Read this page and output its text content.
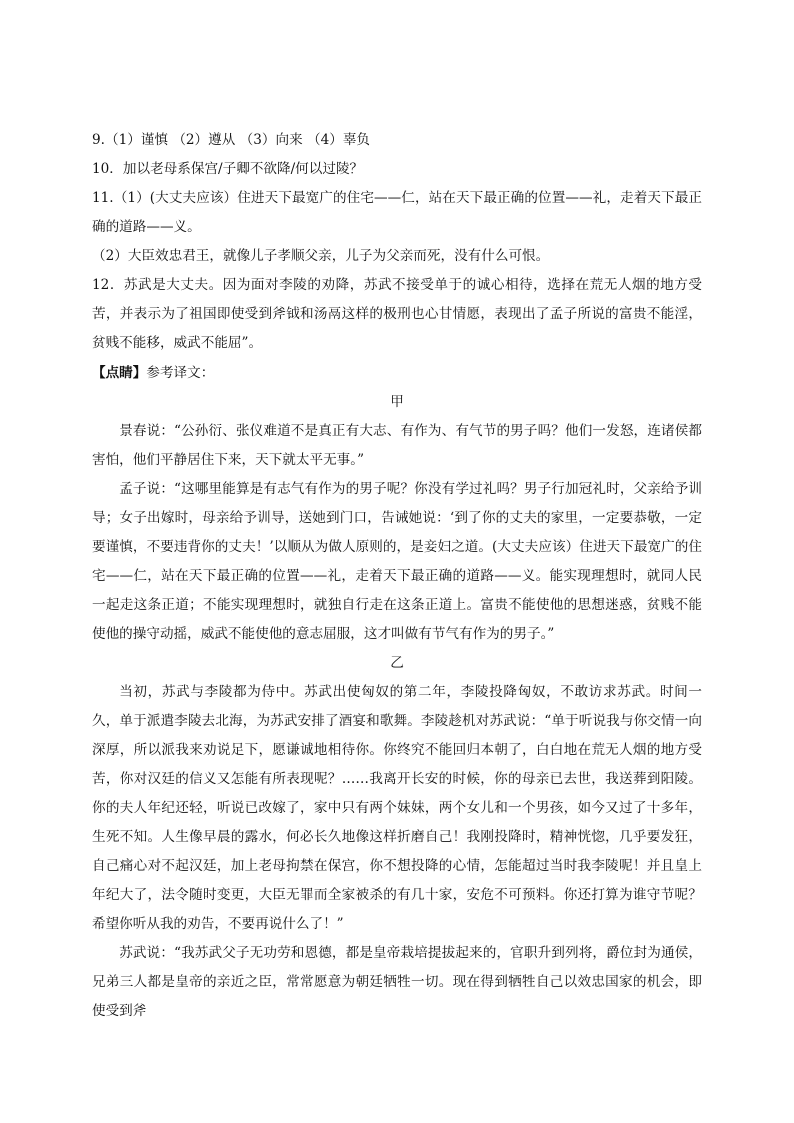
9.（1）谨慎 （2）遵从 （3）向来 （4）辜负

10．加以老母系保宫/子卿不欲降/何以过陵？

11.（1）(大丈夫应该）住进天下最宽广的住宅——仁，站在天下最正确的位置——礼，走着天下最正确的道路——义。

（2）大臣效忠君王，就像儿子孝顺父亲，儿子为父亲而死，没有什么可恨。

12．苏武是大丈夫。因为面对李陵的劝降，苏武不接受单于的诚心相待，选择在荒无人烟的地方受苦，并表示为了祖国即使受到斧钺和汤鬲这样的极刑也心甘情愿，表现出了孟子所说的富贵不能淫，贫贱不能移，威武不能屈”。

【点睛】参考译文：

甲

景春说：“公孙衍、张仪难道不是真正有大志、有作为、有气节的男子吗？他们一发怒，连诸侯都害怕，他们平静居住下来，天下就太平无事。”

孟子说：“这哪里能算是有志气有作为的男子呢？你没有学过礼吗？男子行加冠礼时，父亲给予训导；女子出嫁时，母亲给予训导，送她到门口，告诫她说：‘到了你的丈夫的家里，一定要恭敬，一定要谨慎，不要违背你的丈夫！’以顺从为做人原则的，是妾妇之道。(大丈夫应该）住进天下最宽广的住宅——仁，站在天下最正确的位置——礼，走着天下最正确的道路——义。能实现理想时，就同人民一起走这条正道；不能实现理想时，就独自行走在这条正道上。富贵不能使他的思想迷惑，贫贱不能使他的操守动摇，威武不能使他的意志屈服，这才叫做有节气有作为的男子。”

乙

当初，苏武与李陵都为侍中。苏武出使匈奴的第二年，李陵投降匈奴，不敢访求苏武。时间一久，单于派遣李陵去北海，为苏武安排了酒宴和歌舞。李陵趁机对苏武说：“单于听说我与你交情一向深厚，所以派我来劝说足下，愿谦诚地相待你。你终究不能回归本朝了，白白地在荒无人烟的地方受苦，你对汉廷的信义又怎能有所表现呢？……我离开长安的时候，你的母亲已去世，我送葬到阳陵。你的夫人年纪还轻，听说已改嫁了，家中只有两个妹妹，两个女儿和一个男孩，如今又过了十多年，生死不知。人生像早晨的露水，何必长久地像这样折磨自己！我刚投降时，精神恍惚，几乎要发狂，自己痛心对不起汉廷，加上老母拘禁在保宫，你不想投降的心情，怎能超过当时我李陵呢！并且皇上年纪大了，法令随时变更，大臣无罪而全家被杀的有几十家，安危不可预料。你还打算为谁守节呢？希望你听从我的劝告，不要再说什么了！”

苏武说：“我苏武父子无功劳和恩德，都是皇帝栽培提拔起来的，官职升到列将，爵位封为通侯，兄弟三人都是皇帝的亲近之臣，常常愿意为朝廷牺牲一切。现在得到牺牲自己以效忠国家的机会，即使受到斧
